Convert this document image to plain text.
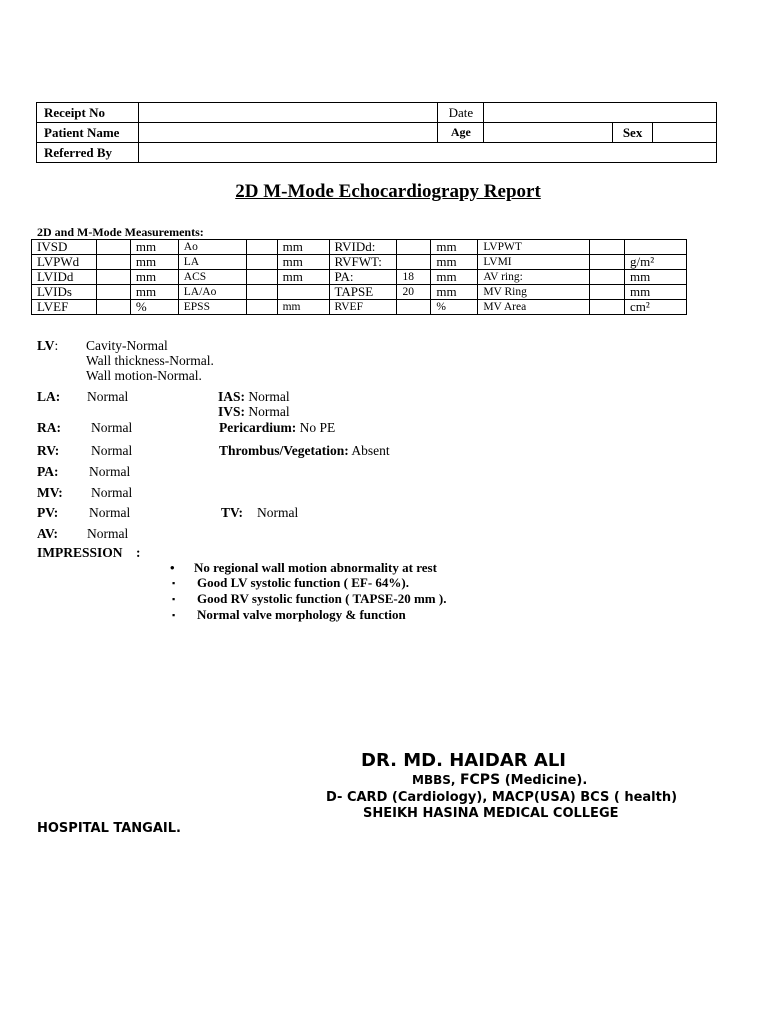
Receipt No		Date			
Patient Name		Age		Sex	
Referred By					
2D M-Mode Echocardiograpy Report
2D and M-Mode Measurements:
IVSD		mm	Ao		mm	RVIDd:		mm	LVPWT		
LVPWd		mm	LA		mm	RVFWT:		mm	LVMI		g/m²
LVIDd		mm	ACS		mm	PA:	18	mm	AV ring:		mm
LVIDs		mm	LA/Ao			TAPSE	20	mm	MV Ring		mm
LVEF		%	EPSS		mm	RVEF		%	MV Area		cm²
LV: Cavity-Normal
Wall thickness-Normal.
Wall motion-Normal.
LA: Normal	IAS: Normal
IVS: Normal
RA: Normal	Pericardium: No PE
RV: Normal	Thrombus/Vegetation: Absent
PA: Normal
MV: Normal
PV: Normal	TV: Normal
AV: Normal
IMPRESSION    :
• No regional wall motion abnormality at rest
▪ Good LV systolic function ( EF- 64%).
▪ Good RV systolic function ( TAPSE-20 mm ).
▪ Normal valve morphology & function
DR. MD. HAIDAR ALI
MBBS, FCPS (Medicine).
D- CARD (Cardiology), MACP(USA) BCS ( health)
SHEIKH HASINA MEDICAL COLLEGE
HOSPITAL TANGAIL.
